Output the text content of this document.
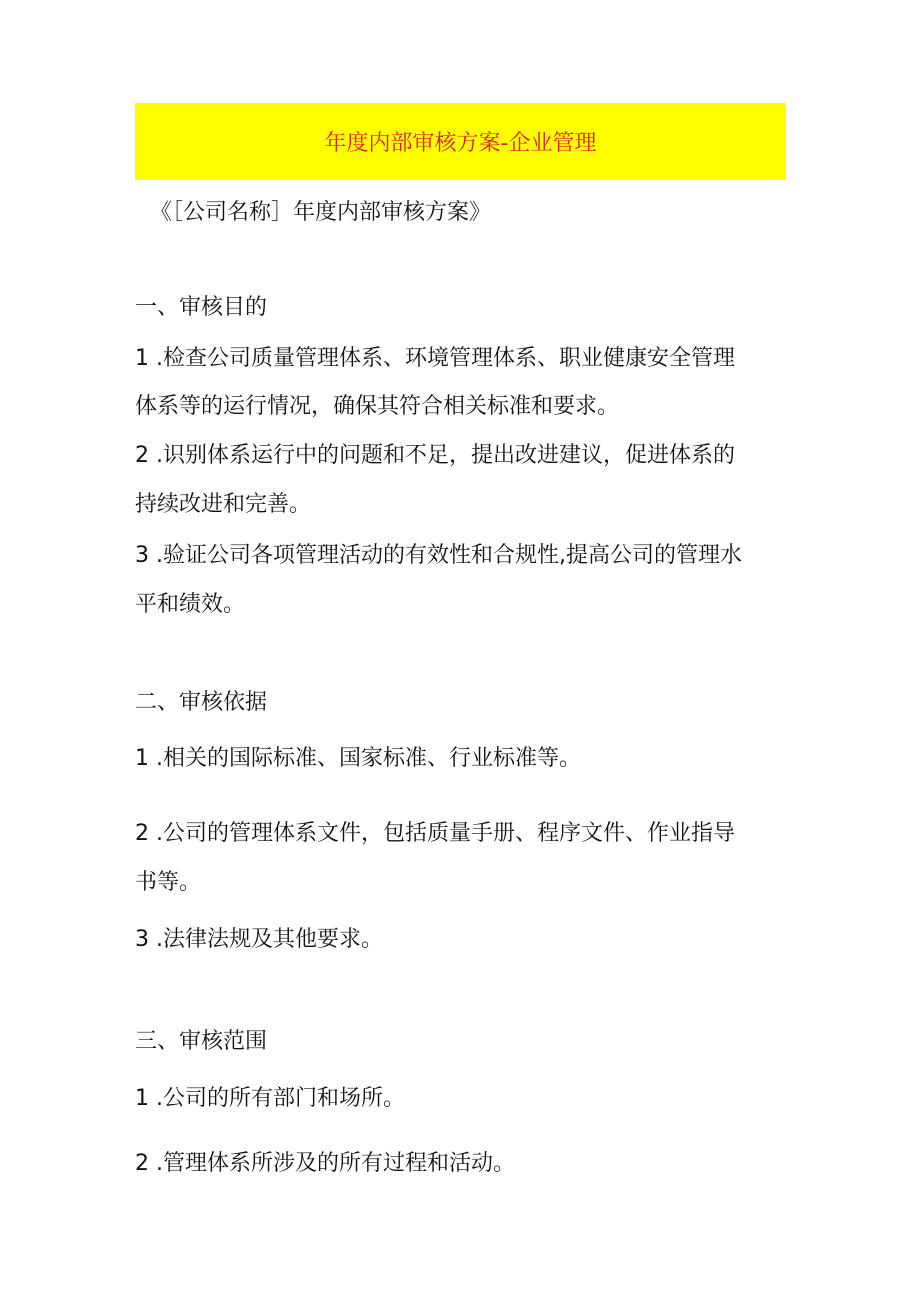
年度内部审核方案-企业管理
《［公司名称］年度内部审核方案》
一、审核目的
1 .检查公司质量管理体系、环境管理体系、职业健康安全管理
体系等的运行情况，确保其符合相关标准和要求。
2 .识别体系运行中的问题和不足，提出改进建议，促进体系的
持续改进和完善。
3 .验证公司各项管理活动的有效性和合规性,提高公司的管理水
平和绩效。
二、审核依据
1 .相关的国际标准、国家标准、行业标准等。
2 .公司的管理体系文件，包括质量手册、程序文件、作业指导
书等。
3 .法律法规及其他要求。
三、审核范围
1 .公司的所有部门和场所。
2 .管理体系所涉及的所有过程和活动。
